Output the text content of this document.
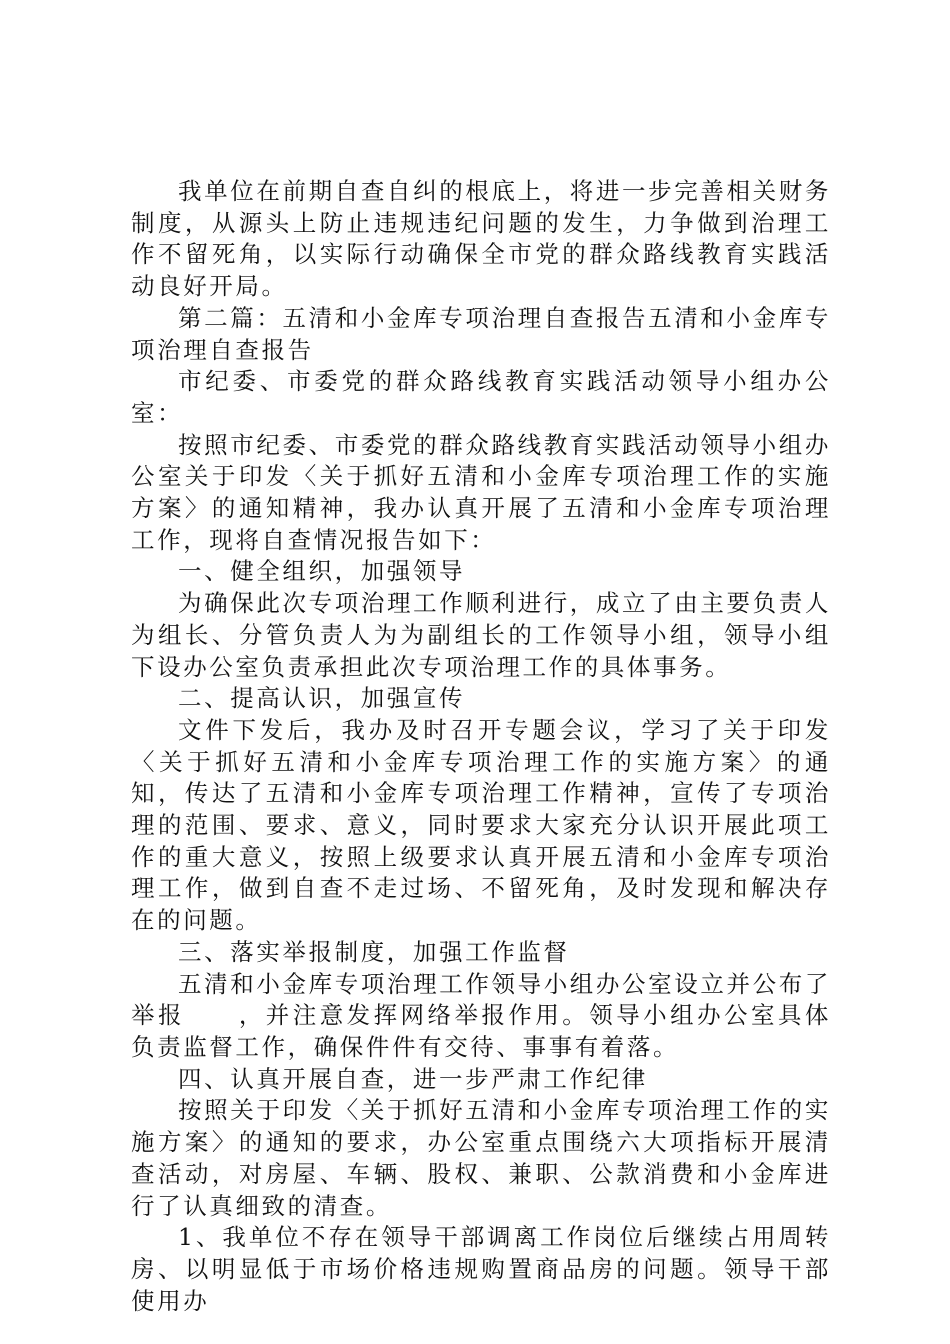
我单位在前期自查自纠的根底上，将进一步完善相关财务制度，从源头上防止违规违纪问题的发生，力争做到治理工作不留死角，以实际行动确保全市党的群众路线教育实践活动良好开局。

第二篇：五清和小金库专项治理自查报告五清和小金库专项治理自查报告

市纪委、市委党的群众路线教育实践活动领导小组办公室：

按照市纪委、市委党的群众路线教育实践活动领导小组办公室关于印发〈关于抓好五清和小金库专项治理工作的实施方案〉的通知精神，我办认真开展了五清和小金库专项治理工作，现将自查情况报告如下：

一、健全组织，加强领导

为确保此次专项治理工作顺利进行，成立了由主要负责人为组长、分管负责人为为副组长的工作领导小组，领导小组下设办公室负责承担此次专项治理工作的具体事务。

二、提高认识，加强宣传

文件下发后，我办及时召开专题会议，学习了关于印发〈关于抓好五清和小金库专项治理工作的实施方案〉的通知，传达了五清和小金库专项治理工作精神，宣传了专项治理的范围、要求、意义，同时要求大家充分认识开展此项工作的重大意义，按照上级要求认真开展五清和小金库专项治理工作，做到自查不走过场、不留死角，及时发现和解决存在的问题。

三、落实举报制度，加强工作监督

五清和小金库专项治理工作领导小组办公室设立并公布了举报　　，并注意发挥网络举报作用。领导小组办公室具体负责监督工作，确保件件有交待、事事有着落。

四、认真开展自查，进一步严肃工作纪律

按照关于印发〈关于抓好五清和小金库专项治理工作的实施方案〉的通知的要求，办公室重点围绕六大项指标开展清查活动，对房屋、车辆、股权、兼职、公款消费和小金库进行了认真细致的清查。

1、我单位不存在领导干部调离工作岗位后继续占用周转房、以明显低于市场价格违规购置商品房的问题。领导干部使用办
